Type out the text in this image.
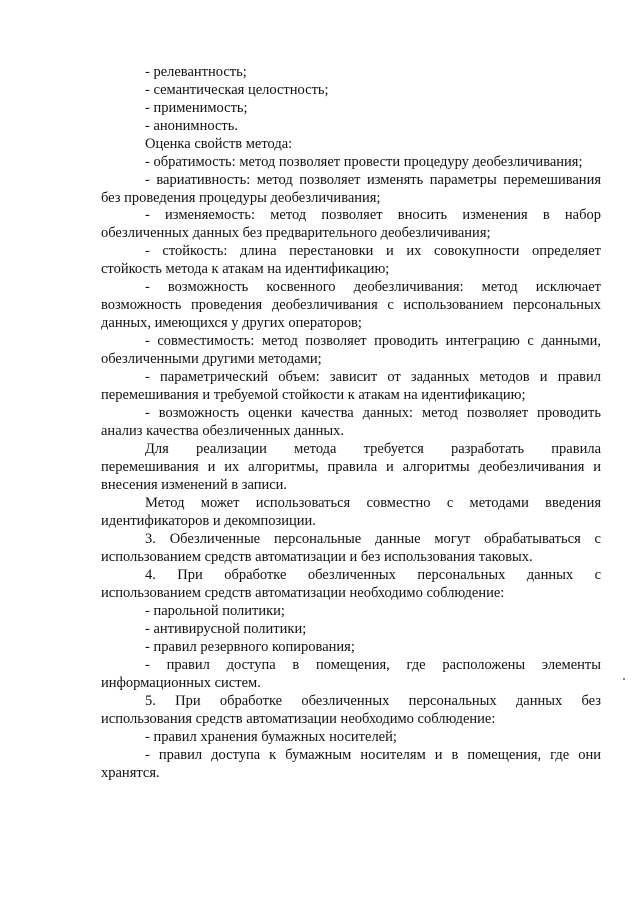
- релевантность;
- семантическая целостность;
- применимость;
- анонимность.
Оценка свойств метода:
- обратимость: метод позволяет провести процедуру деобезличивания;
- вариативность: метод позволяет изменять параметры перемешивания
без проведения процедуры деобезличивания;
- изменяемость: метод позволяет вносить изменения в набор
обезличенных данных без предварительного деобезличивания;
- стойкость: длина перестановки и их совокупности определяет
стойкость метода к атакам на идентификацию;
- возможность косвенного деобезличивания: метод исключает
возможность проведения деобезличивания с использованием персональных
данных, имеющихся у других операторов;
- совместимость: метод позволяет проводить интеграцию с данными,
обезличенными другими методами;
- параметрический объем: зависит от заданных методов и правил
перемешивания и требуемой стойкости к атакам на идентификацию;
- возможность оценки качества данных: метод позволяет проводить
анализ качества обезличенных данных.
Для реализации метода требуется разработать правила
перемешивания и их алгоритмы, правила и алгоритмы деобезличивания и
внесения изменений в записи.
Метод может использоваться совместно с методами введения
идентификаторов и декомпозиции.
3. Обезличенные персональные данные могут обрабатываться с
использованием средств автоматизации и без использования таковых.
4. При обработке обезличенных персональных данных с
использованием средств автоматизации необходимо соблюдение:
- парольной политики;
- антивирусной политики;
- правил резервного копирования;
- правил доступа в помещения, где расположены элементы
информационных систем.
5. При обработке обезличенных персональных данных без
использования средств автоматизации необходимо соблюдение:
- правил хранения бумажных носителей;
- правил доступа к бумажным носителям и в помещения, где они
хранятся.
